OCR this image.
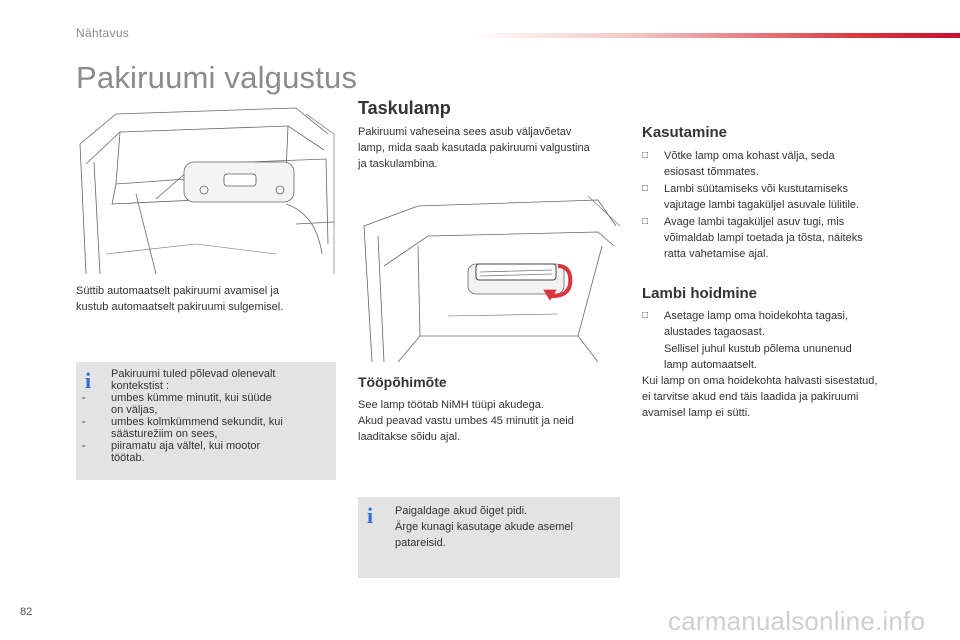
Nähtavus
Pakiruumi valgustus
Süttib automaatselt pakiruumi avamisel ja
kustub automaatselt pakiruumi sulgemisel.
i Pakiruumi tuled põlevad olenevalt
kontekstist :
- umbes kümme minutit, kui süüde
on väljas,
- umbes kolmkümmend sekundit, kui
säästurežiim on sees,
- piiramatu aja vältel, kui mootor
töötab.
Taskulamp
Pakiruumi vaheseina sees asub väljavõetav
lamp, mida saab kasutada pakiruumi valgustina
ja taskulambina.
Tööpõhimõte
See lamp töötab NiMH tüüpi akudega.
Akud peavad vastu umbes 45 minutit ja neid
laaditakse sõidu ajal.
i Paigaldage akud õiget pidi.
Ärge kunagi kasutage akude asemel
patareisid.
Kasutamine
□ Võtke lamp oma kohast välja, seda
esiosast tõmmates.
□ Lambi süütamiseks või kustutamiseks
vajutage lambi tagaküljel asuvale lülitile.
□ Avage lambi tagaküljel asuv tugi, mis
võimaldab lampi toetada ja tõsta, näiteks
ratta vahetamise ajal.
Lambi hoidmine
□ Asetage lamp oma hoidekohta tagasi,
alustades tagaosast.
Sellisel juhul kustub põlema ununenud
lamp automaatselt.
Kui lamp on oma hoidekohta halvasti sisestatud,
ei tarvitse akud end täis laadida ja pakiruumi
avamisel lamp ei sütti.
82	carmanualsonline.info
